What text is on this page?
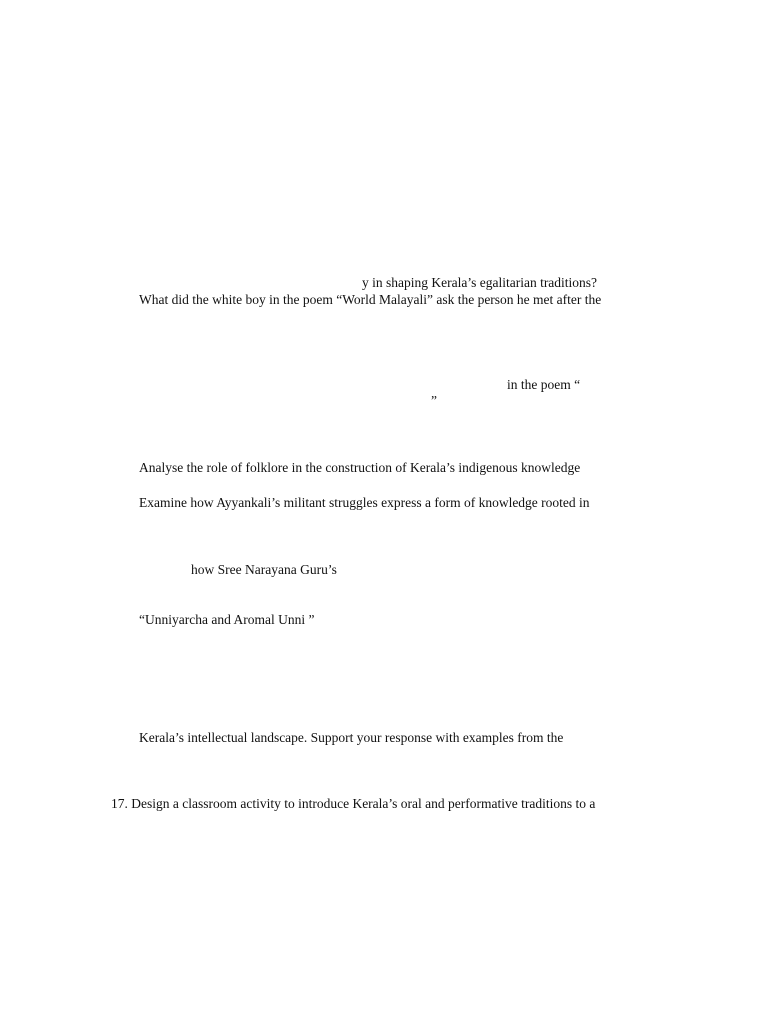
y in shaping Kerala’s egalitarian traditions?

What did the white boy in the poem “World Malayali” ask the person he met after the

in the poem “

”

Analyse the role of folklore in the construction of Kerala’s indigenous knowledge

Examine how Ayyankali’s militant struggles express a form of knowledge rooted in

how Sree Narayana Guru’s

“Unniyarcha and Aromal Unni ”

Kerala’s intellectual landscape. Support your response with examples from the

17. Design a classroom activity to introduce Kerala’s oral and performative traditions to a
